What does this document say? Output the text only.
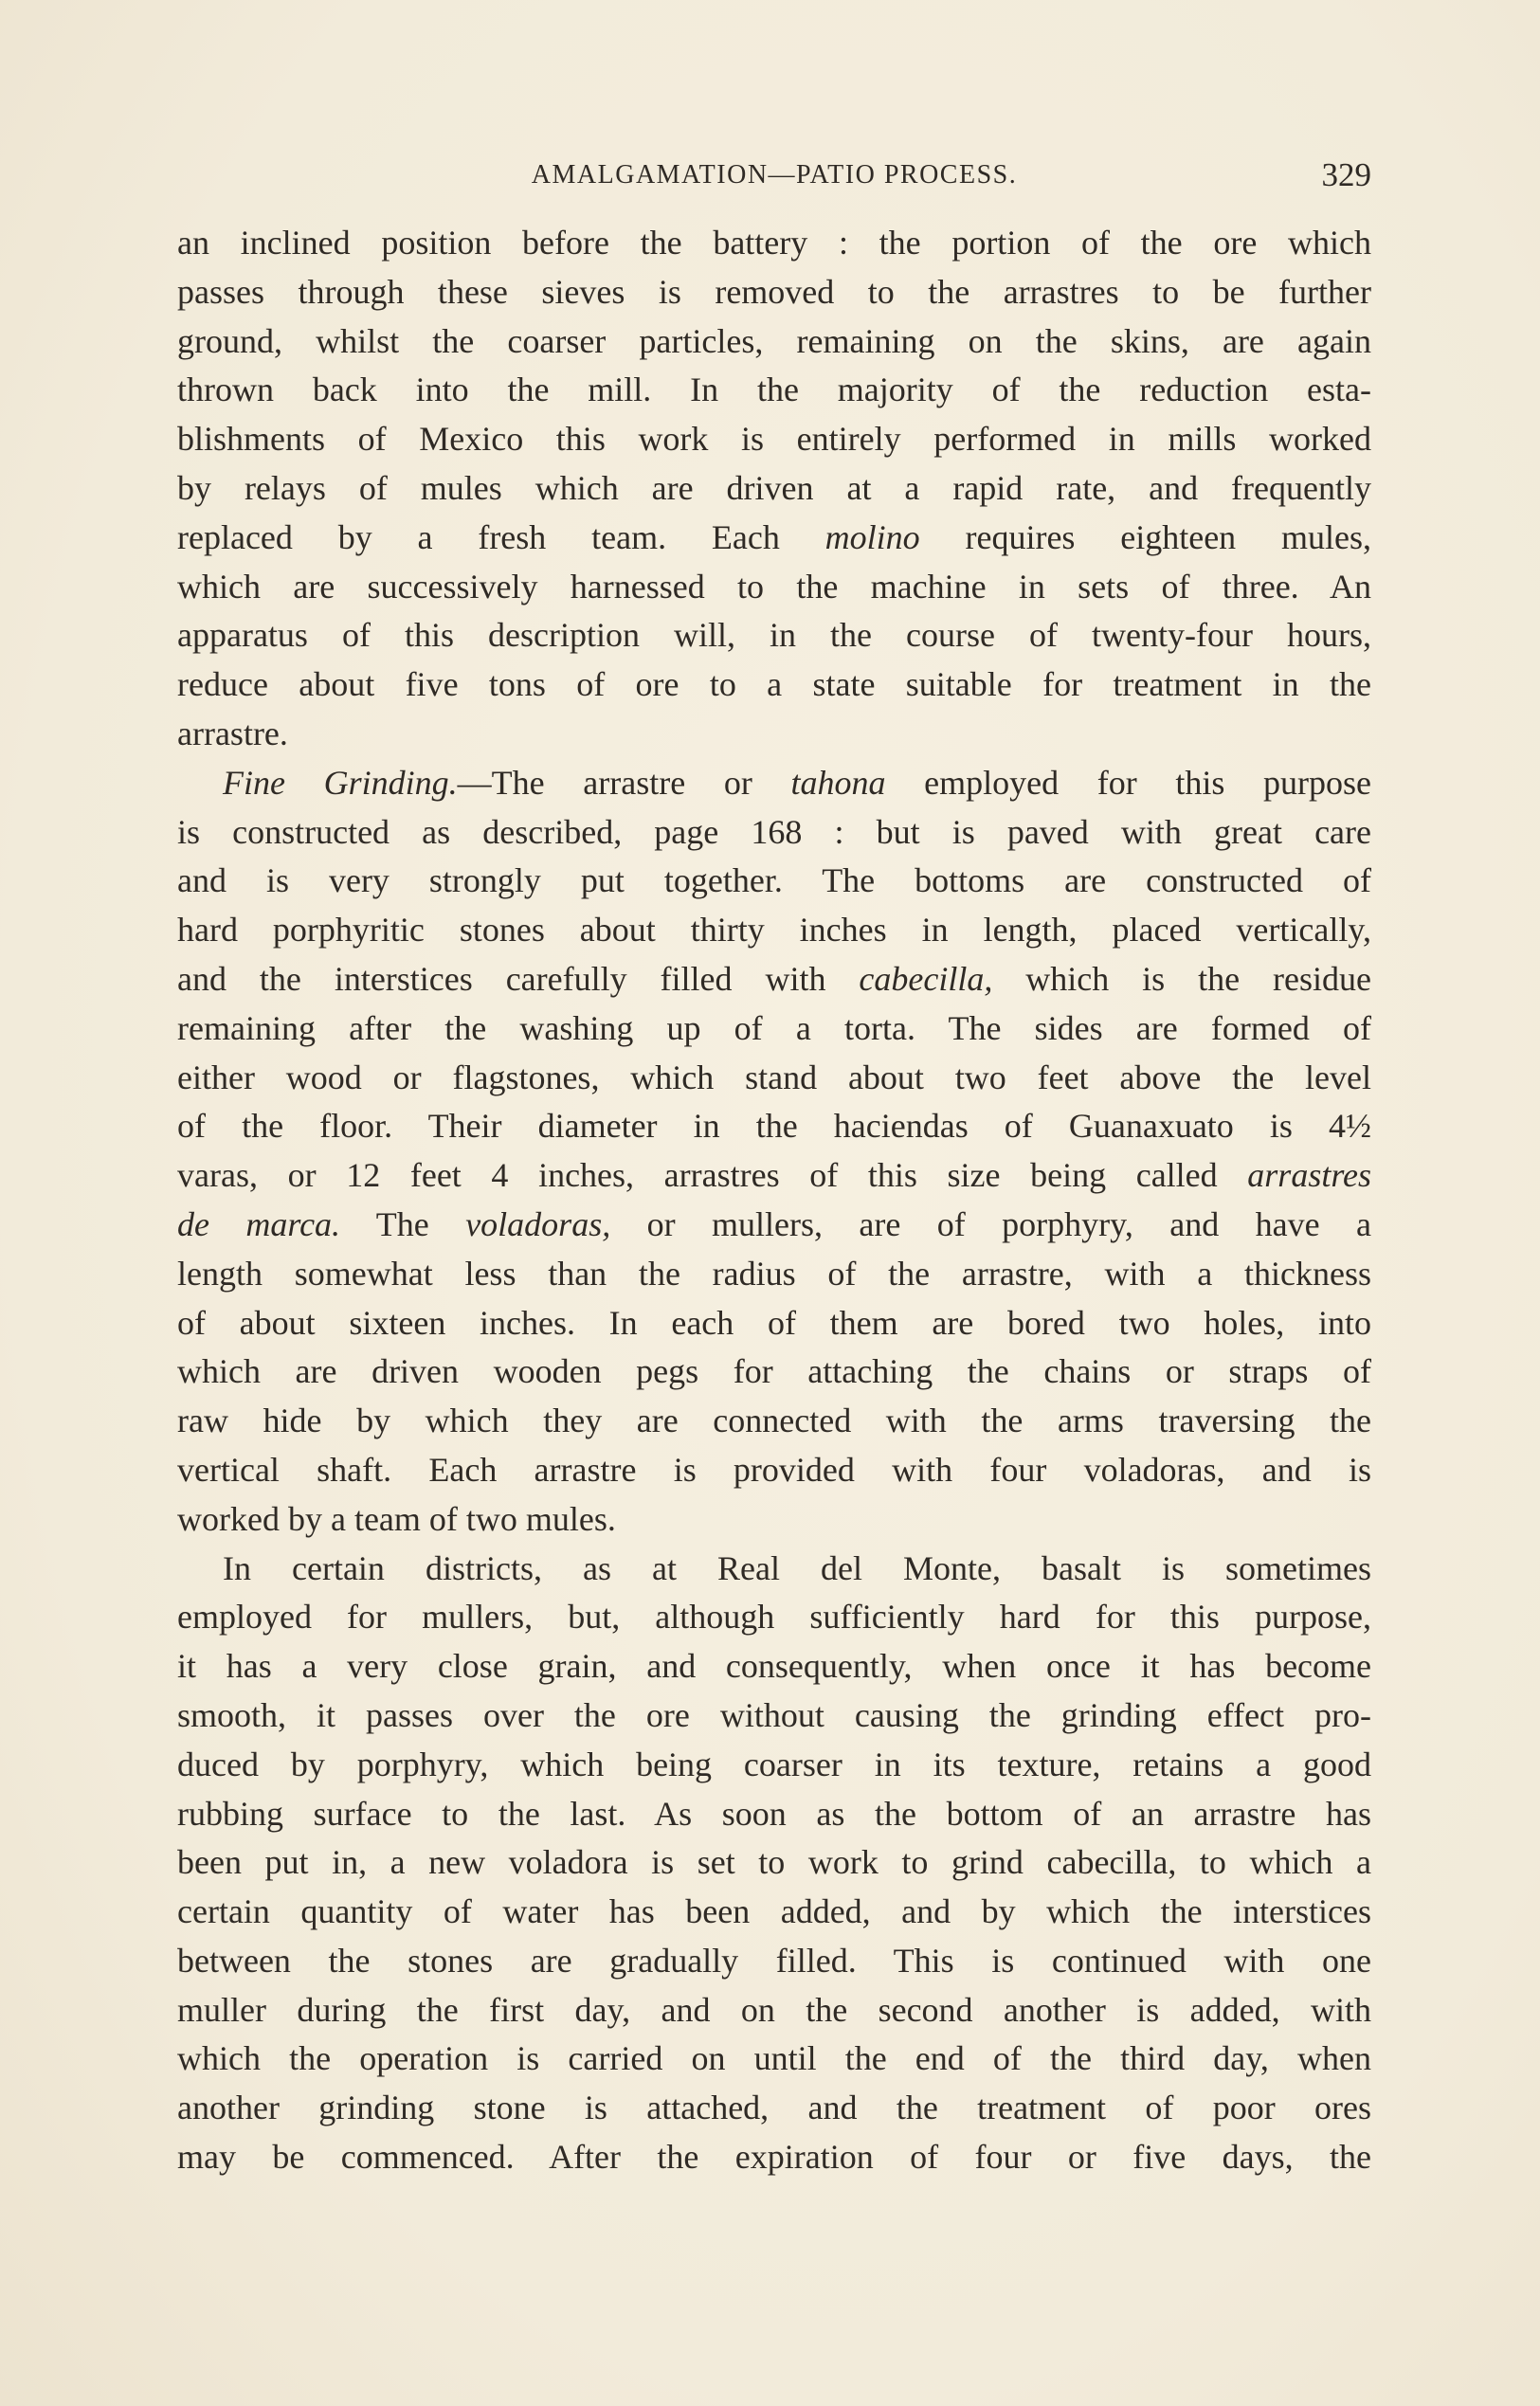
AMALGAMATION—PATIO PROCESS.	329
an inclined position before the battery : the portion of the ore which
passes through these sieves is removed to the arrastres to be further
ground, whilst the coarser particles, remaining on the skins, are again
thrown back into the mill. In the majority of the reduction esta-
blishments of Mexico this work is entirely performed in mills worked
by relays of mules which are driven at a rapid rate, and frequently
replaced by a fresh team. Each molino requires eighteen mules,
which are successively harnessed to the machine in sets of three. An
apparatus of this description will, in the course of twenty-four hours,
reduce about five tons of ore to a state suitable for treatment in the
arrastre.
Fine Grinding.—The arrastre or tahona employed for this purpose
is constructed as described, page 168 : but is paved with great care
and is very strongly put together. The bottoms are constructed of
hard porphyritic stones about thirty inches in length, placed vertically,
and the interstices carefully filled with cabecilla, which is the residue
remaining after the washing up of a torta. The sides are formed of
either wood or flagstones, which stand about two feet above the level
of the floor. Their diameter in the haciendas of Guanaxuato is 4½
varas, or 12 feet 4 inches, arrastres of this size being called arrastres
de marca. The voladoras, or mullers, are of porphyry, and have a
length somewhat less than the radius of the arrastre, with a thickness
of about sixteen inches. In each of them are bored two holes, into
which are driven wooden pegs for attaching the chains or straps of
raw hide by which they are connected with the arms traversing the
vertical shaft. Each arrastre is provided with four voladoras, and is
worked by a team of two mules.
In certain districts, as at Real del Monte, basalt is sometimes
employed for mullers, but, although sufficiently hard for this purpose,
it has a very close grain, and consequently, when once it has become
smooth, it passes over the ore without causing the grinding effect pro-
duced by porphyry, which being coarser in its texture, retains a good
rubbing surface to the last. As soon as the bottom of an arrastre has
been put in, a new voladora is set to work to grind cabecilla, to which a
certain quantity of water has been added, and by which the interstices
between the stones are gradually filled. This is continued with one
muller during the first day, and on the second another is added, with
which the operation is carried on until the end of the third day, when
another grinding stone is attached, and the treatment of poor ores
may be commenced. After the expiration of four or five days, the
